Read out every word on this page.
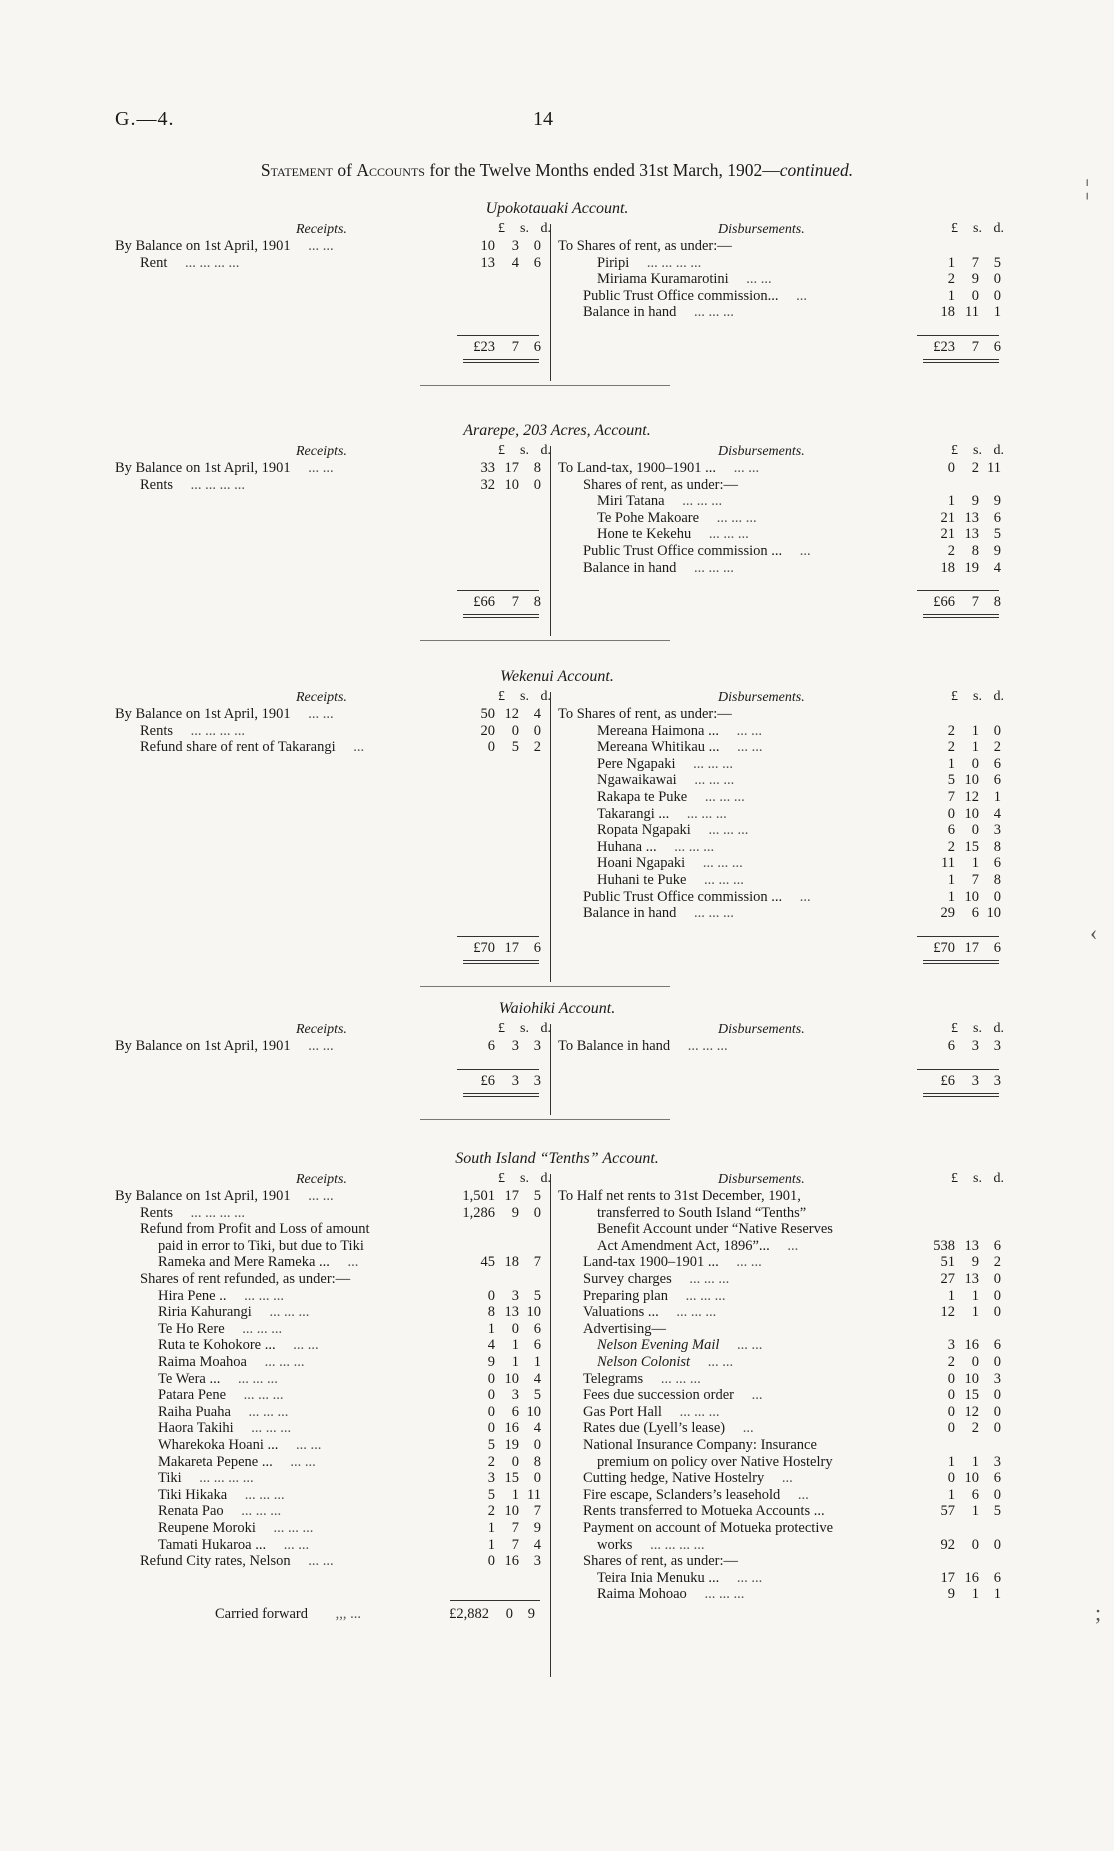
G.—4.	14
Statement of Accounts for the Twelve Months ended 31st March, 1902—continued.
Upokotauaki Account.
Receipts.	£ s. d.	Disbursements.	£ s. d.
By Balance on 1st April, 1901 ... ...	10 3 0
Rent ... ... ... ...	13 4 6
To Shares of rent, as under:—
Piripi ... ... ... ...	1 7 5
Miriama Kuramarotini ... ...	2 9 0
Public Trust Office commission... ...	1 0 0
Balance in hand ... ... ...	18 11 1
£23 7 6	£23 7 6
Ararepe, 203 Acres, Account.
Receipts.	£ s. d.	Disbursements.	£ s. d.
By Balance on 1st April, 1901 ... ...	33 17 8
Rents ... ... ... ...	32 10 0
To Land-tax, 1900–1901 ... ... ...	0 2 11
Shares of rent, as under:—
Miri Tatana ... ... ...	1 9 9
Te Pohe Makoare ... ... ...	21 13 6
Hone te Kekehu ... ... ...	21 13 5
Public Trust Office commission ... ...	2 8 9
Balance in hand ... ... ...	18 19 4
£66 7 8	£66 7 8
Wekenui Account.
Receipts.	£ s. d.	Disbursements.	£ s. d.
By Balance on 1st April, 1901 ... ...	50 12 4
Rents ... ... ... ...	20 0 0
Refund share of rent of Takarangi ...	0 5 2
To Shares of rent, as under:—
Mereana Haimona ... ... ...	2 1 0
Mereana Whitikau ... ... ...	2 1 2
Pere Ngapaki ... ... ...	1 0 6
Ngawaikawai ... ... ...	5 10 6
Rakapa te Puke ... ... ...	7 12 1
Takarangi ... ... ... ...	0 10 4
Ropata Ngapaki ... ... ...	6 0 3
Huhana ... ... ... ...	2 15 8
Hoani Ngapaki ... ... ...	11 1 6
Huhani te Puke ... ... ...	1 7 8
Public Trust Office commission ... ...	1 10 0
Balance in hand ... ... ...	29 6 10
£70 17 6	£70 17 6
Waiohiki Account.
Receipts.	£ s. d.	Disbursements.	£ s. d.
By Balance on 1st April, 1901 ... ...	6 3 3 To Balance in hand ... ... ...	6 3 3
£6 3 3	£6 3 3
South Island “Tenths” Account.
Receipts.	£ s. d.	Disbursements.	£ s. d.
By Balance on 1st April, 1901 ... ...	1,501 17 5
Rents ... ... ... ...	1,286 9 0
Refund from Profit and Loss of amount
paid in error to Tiki, but due to Tiki
Rameka and Mere Rameka ... ...	45 18 7
Shares of rent refunded, as under:—
Hira Pene .. ... ... ...	0 3 5
Riria Kahurangi ... ... ...	8 13 10
Te Ho Rere ... ... ...	1 0 6
Ruta te Kohokore ... ... ...	4 1 6
Raima Moahoa ... ... ...	9 1 1
Te Wera ... ... ... ...	0 10 4
Patara Pene ... ... ...	0 3 5
Raiha Puaha ... ... ...	0 6 10
Haora Takihi ... ... ...	0 16 4
Wharekoka Hoani ... ... ...	5 19 0
Makareta Pepene ... ... ...	2 0 8
Tiki ... ... ... ...	3 15 0
Tiki Hikaka ... ... ...	5 1 11
Renata Pao ... ... ...	2 10 7
Reupene Moroki ... ... ...	1 7 9
Tamati Hukaroa ... ... ...	1 7 4
Refund City rates, Nelson ... ...	0 16 3
To Half net rents to 31st December, 1901,
transferred to South Island “Tenths”
Benefit Account under “Native Reserves
Act Amendment Act, 1896”... ...	538 13 6
Land-tax 1900–1901 ... ... ...	51 9 2
Survey charges ... ... ...	27 13 0
Preparing plan ... ... ...	1 1 0
Valuations ... ... ... ...	12 1 0
Advertising—
Nelson Evening Mail ... ...	3 16 6
Nelson Colonist ... ...	2 0 0
Telegrams ... ... ...	0 10 3
Fees due succession order ...	0 15 0
Gas Port Hall ... ... ...	0 12 0
Rates due (Lyell’s lease) ...	0 2 0
National Insurance Company: Insurance
premium on policy over Native Hostelry	1 1 3
Cutting hedge, Native Hostelry ...	0 10 6
Fire escape, Sclanders’s leasehold ...	1 6 0
Rents transferred to Motueka Accounts ...	57 1 5
Payment on account of Motueka protective
works ... ... ... ...	92 0 0
Shares of rent, as under:—
Teira Inia Menuku ... ... ...	17 16 6
Raima Mohoao ... ... ...	9 1 1
Carried forward ,,, ...	£2,882 0 9
¦
‹
;
